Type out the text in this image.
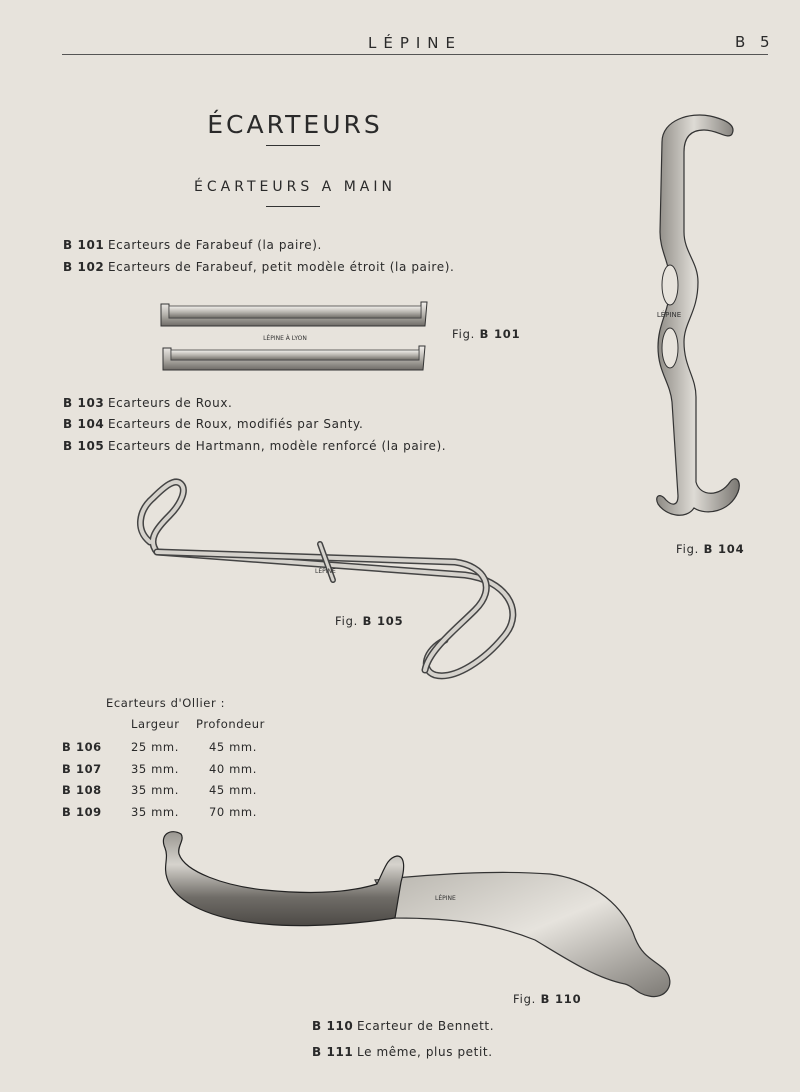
LÉPINE	B 5
ÉCARTEURS
ÉCARTEURS A MAIN
B 101 Ecarteurs de Farabeuf (la paire).
B 102 Ecarteurs de Farabeuf, petit modèle étroit (la paire).
LÉPINE À LYON	Fig. B 101
B 103 Ecarteurs de Roux.
B 104 Ecarteurs de Roux, modifiés par Santy.
B 105 Ecarteurs de Hartmann, modèle renforcé (la paire).
LÉPINE
Fig. B 104
LÉPINE
Fig. B 105
Ecarteurs d'Ollier :
Largeur Profondeur
B 106	25 mm.	45 mm.
B 107	35 mm.	40 mm.
B 108	35 mm.	45 mm.
B 109	35 mm.	70 mm.
LÉPINE
Fig. B 110
B 110 Ecarteur de Bennett.
B 111 Le même, plus petit.
